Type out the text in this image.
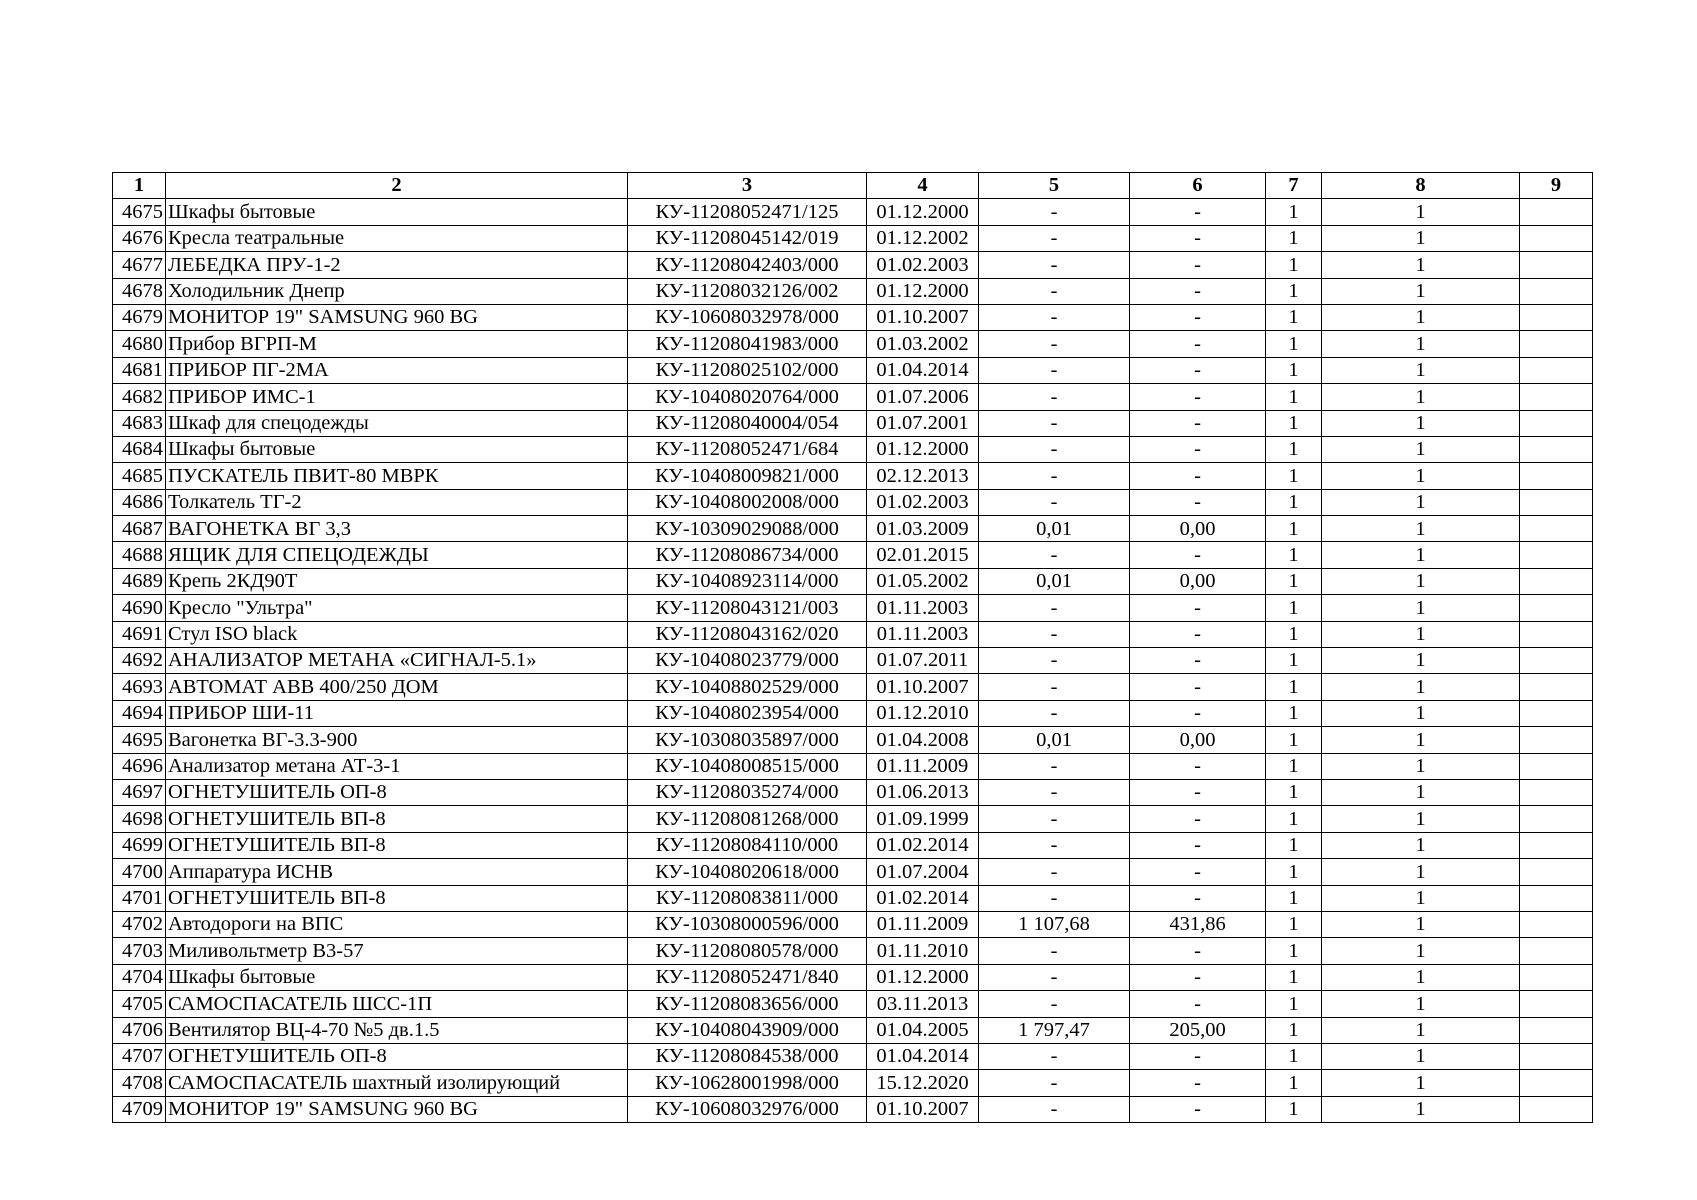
1	2	3	4	5	6	7	8	9
4675	Шкафы бытовые	КУ-11208052471/125	01.12.2000	-	-	1	1	
4676	Кресла театральные	КУ-11208045142/019	01.12.2002	-	-	1	1	
4677	ЛЕБЕДКА ПРУ-1-2	КУ-11208042403/000	01.02.2003	-	-	1	1	
4678	Холодильник Днепр	КУ-11208032126/002	01.12.2000	-	-	1	1	
4679	МОНИТОР 19" SAMSUNG 960 BG	КУ-10608032978/000	01.10.2007	-	-	1	1	
4680	Прибор ВГРП-М	КУ-11208041983/000	01.03.2002	-	-	1	1	
4681	ПРИБОР ПГ-2МА	КУ-11208025102/000	01.04.2014	-	-	1	1	
4682	ПРИБОР ИМС-1	КУ-10408020764/000	01.07.2006	-	-	1	1	
4683	Шкаф для спецодежды	КУ-11208040004/054	01.07.2001	-	-	1	1	
4684	Шкафы бытовые	КУ-11208052471/684	01.12.2000	-	-	1	1	
4685	ПУСКАТЕЛЬ ПВИТ-80 МВРК	КУ-10408009821/000	02.12.2013	-	-	1	1	
4686	Толкатель ТГ-2	КУ-10408002008/000	01.02.2003	-	-	1	1	
4687	ВАГОНЕТКА ВГ 3,3	КУ-10309029088/000	01.03.2009	0,01	0,00	1	1	
4688	ЯЩИК ДЛЯ СПЕЦОДЕЖДЫ	КУ-11208086734/000	02.01.2015	-	-	1	1	
4689	Крепь 2КД90Т	КУ-10408923114/000	01.05.2002	0,01	0,00	1	1	
4690	Кресло "Ультра"	КУ-11208043121/003	01.11.2003	-	-	1	1	
4691	Стул ISO black	КУ-11208043162/020	01.11.2003	-	-	1	1	
4692	АНАЛИЗАТОР МЕТАНА «СИГНАЛ-5.1»	КУ-10408023779/000	01.07.2011	-	-	1	1	
4693	АВТОМАТ АВВ 400/250 ДОМ	КУ-10408802529/000	01.10.2007	-	-	1	1	
4694	ПРИБОР ШИ-11	КУ-10408023954/000	01.12.2010	-	-	1	1	
4695	Вагонетка ВГ-3.3-900	КУ-10308035897/000	01.04.2008	0,01	0,00	1	1	
4696	Анализатор метана АТ-3-1	КУ-10408008515/000	01.11.2009	-	-	1	1	
4697	ОГНЕТУШИТЕЛЬ ОП-8	КУ-11208035274/000	01.06.2013	-	-	1	1	
4698	ОГНЕТУШИТЕЛЬ ВП-8	КУ-11208081268/000	01.09.1999	-	-	1	1	
4699	ОГНЕТУШИТЕЛЬ ВП-8	КУ-11208084110/000	01.02.2014	-	-	1	1	
4700	Аппаратура ИСНВ	КУ-10408020618/000	01.07.2004	-	-	1	1	
4701	ОГНЕТУШИТЕЛЬ ВП-8	КУ-11208083811/000	01.02.2014	-	-	1	1	
4702	Автодороги на ВПС	КУ-10308000596/000	01.11.2009	1 107,68	431,86	1	1	
4703	Миливольтметр В3-57	КУ-11208080578/000	01.11.2010	-	-	1	1	
4704	Шкафы бытовые	КУ-11208052471/840	01.12.2000	-	-	1	1	
4705	САМОСПАСАТЕЛЬ ШСС-1П	КУ-11208083656/000	03.11.2013	-	-	1	1	
4706	Вентилятор ВЦ-4-70 №5 дв.1.5	КУ-10408043909/000	01.04.2005	1 797,47	205,00	1	1	
4707	ОГНЕТУШИТЕЛЬ ОП-8	КУ-11208084538/000	01.04.2014	-	-	1	1	
4708	САМОСПАСАТЕЛЬ шахтный изолирующий	КУ-10628001998/000	15.12.2020	-	-	1	1	
4709	МОНИТОР 19" SAMSUNG 960 BG	КУ-10608032976/000	01.10.2007	-	-	1	1	
